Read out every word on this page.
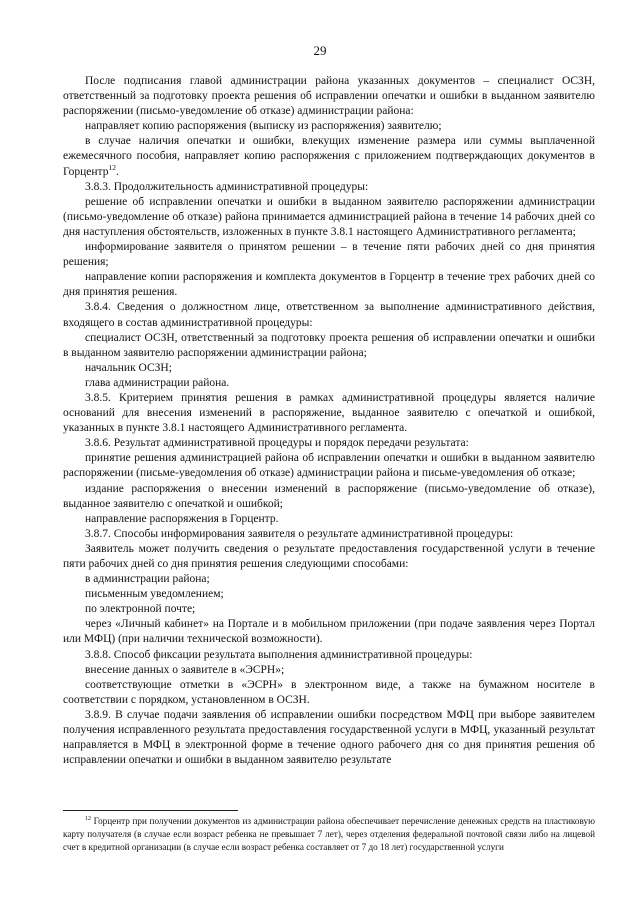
29

После подписания главой администрации района указанных документов – специалист ОСЗН, ответственный за подготовку проекта решения об исправлении опечатки и ошибки в выданном заявителю распоряжении (письмо-уведомление об отказе) администрации района:

направляет копию распоряжения (выписку из распоряжения) заявителю;

в случае наличия опечатки и ошибки, влекущих изменение размера или суммы выплаченной ежемесячного пособия, направляет копию распоряжения с приложением подтверждающих документов в Горцентр$^{12}$.

3.8.3. Продолжительность административной процедуры:

решение об исправлении опечатки и ошибки в выданном заявителю распоряжении администрации (письмо-уведомление об отказе) района принимается администрацией района в течение 14 рабочих дней со дня наступления обстоятельств, изложенных в пункте 3.8.1 настоящего Административного регламента;

информирование заявителя о принятом решении – в течение пяти рабочих дней со дня принятия решения;

направление копии распоряжения и комплекта документов в Горцентр в течение трех рабочих дней со дня принятия решения.

3.8.4. Сведения о должностном лице, ответственном за выполнение административного действия, входящего в состав административной процедуры:

специалист ОСЗН, ответственный за подготовку проекта решения об исправлении опечатки и ошибки в выданном заявителю распоряжении администрации района;

начальник ОСЗН;

глава администрации района.

3.8.5. Критерием принятия решения в рамках административной процедуры является наличие оснований для внесения изменений в распоряжение, выданное заявителю с опечаткой и ошибкой, указанных в пункте 3.8.1 настоящего Административного регламента.

3.8.6. Результат административной процедуры и порядок передачи результата:

принятие решения администрацией района об исправлении опечатки и ошибки в выданном заявителю распоряжении (письме-уведомления об отказе) администрации района и письме-уведомления об отказе;

издание распоряжения о внесении изменений в распоряжение (письмо-уведомление об отказе), выданное заявителю с опечаткой и ошибкой;

направление распоряжения в Горцентр.

3.8.7. Способы информирования заявителя о результате административной процедуры:

Заявитель может получить сведения о результате предоставления государственной услуги в течение пяти рабочих дней со дня принятия решения следующими способами:

в администрации района;

письменным уведомлением;

по электронной почте;

через «Личный кабинет» на Портале и в мобильном приложении (при подаче заявления через Портал или МФЦ) (при наличии технической возможности).

3.8.8. Способ фиксации результата выполнения административной процедуры:

внесение данных о заявителе в «ЭСРН»;

соответствующие отметки в «ЭСРН» в электронном виде, а также на бумажном носителе в соответствии с порядком, установленном в ОСЗН.

3.8.9. В случае подачи заявления об исправлении ошибки посредством МФЦ при выборе заявителем получения исправленного результата предоставления государственной услуги в МФЦ, указанный результат направляется в МФЦ в электронной форме в течение одного рабочего дня со дня принятия решения об исправлении опечатки и ошибки в выданном заявителю результате

$^{12}$ Горцентр при получении документов из администрации района обеспечивает перечисление денежных средств на пластиковую карту получателя (в случае если возраст ребенка не превышает 7 лет), через отделения федеральной почтовой связи либо на лицевой счет в кредитной организации (в случае если возраст ребенка составляет от 7 до 18 лет) государственной услуги
